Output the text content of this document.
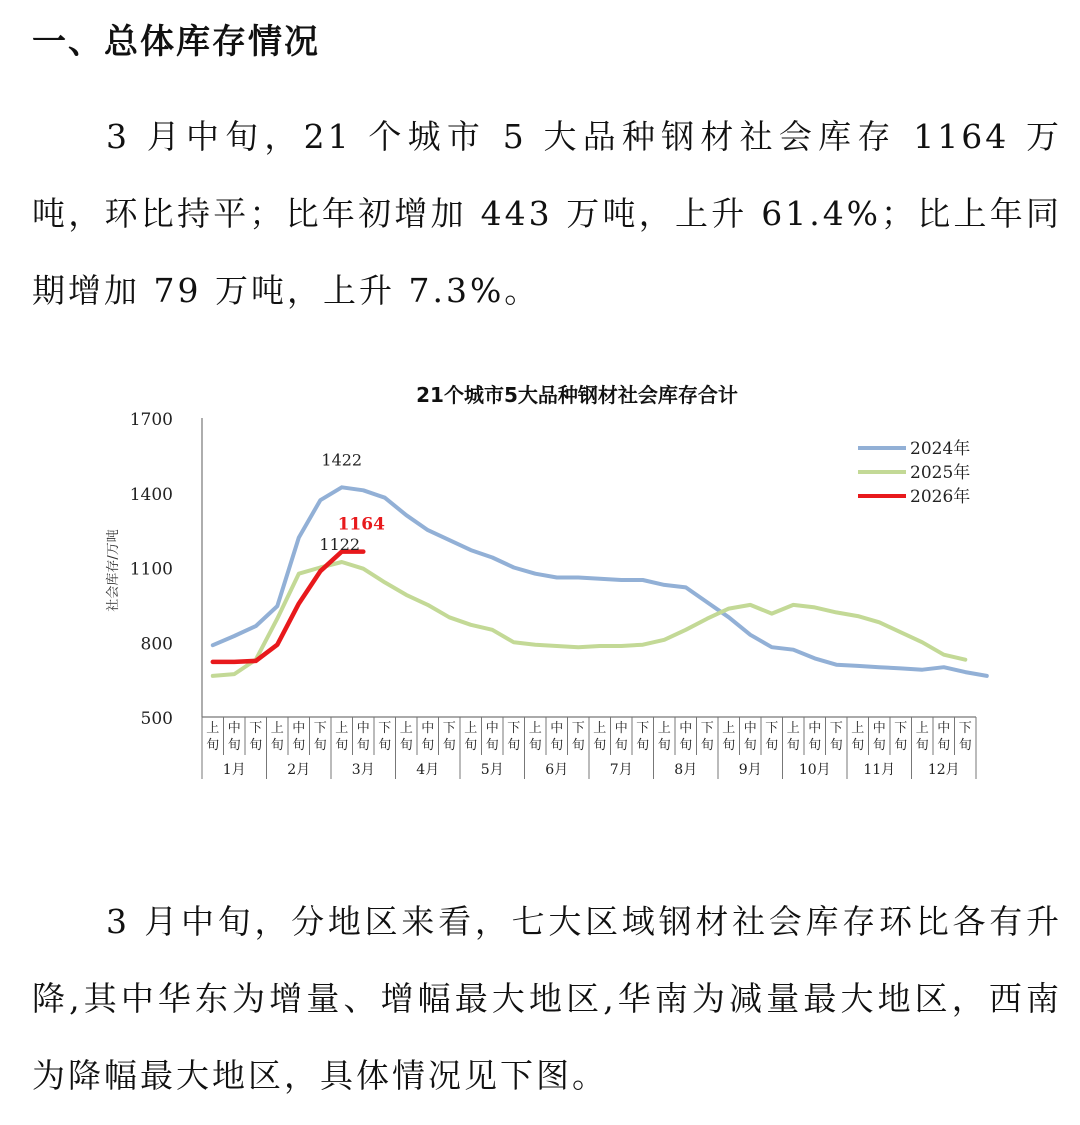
一、总体库存情况

3 月中旬，21 个城市 5 大品种钢材社会库存 1164 万吨，环比持平；比年初增加 443 万吨，上升 61.4%；比上年同期增加 79 万吨，上升 7.3%。

21个城市5大品种钢材社会库存合计
500
800
1100
1400
1700
社会库存/万吨
上
旬
中
旬
下
旬
上
旬
中
旬
下
旬
上
旬
中
旬
下
旬
上
旬
中
旬
下
旬
上
旬
中
旬
下
旬
上
旬
中
旬
下
旬
上
旬
中
旬
下
旬
上
旬
中
旬
下
旬
上
旬
中
旬
下
旬
上
旬
中
旬
下
旬
上
旬
中
旬
下
旬
上
旬
中
旬
下
旬
1月	2月	3月	4月	5月	6月	7月	8月	9月	10月 11月 12月
1422
1122
1164
2024年
2025年
2026年

3 月中旬，分地区来看，七大区域钢材社会库存环比各有升降,其中华东为增量、增幅最大地区,华南为减量最大地区，西南为降幅最大地区，具体情况见下图。
